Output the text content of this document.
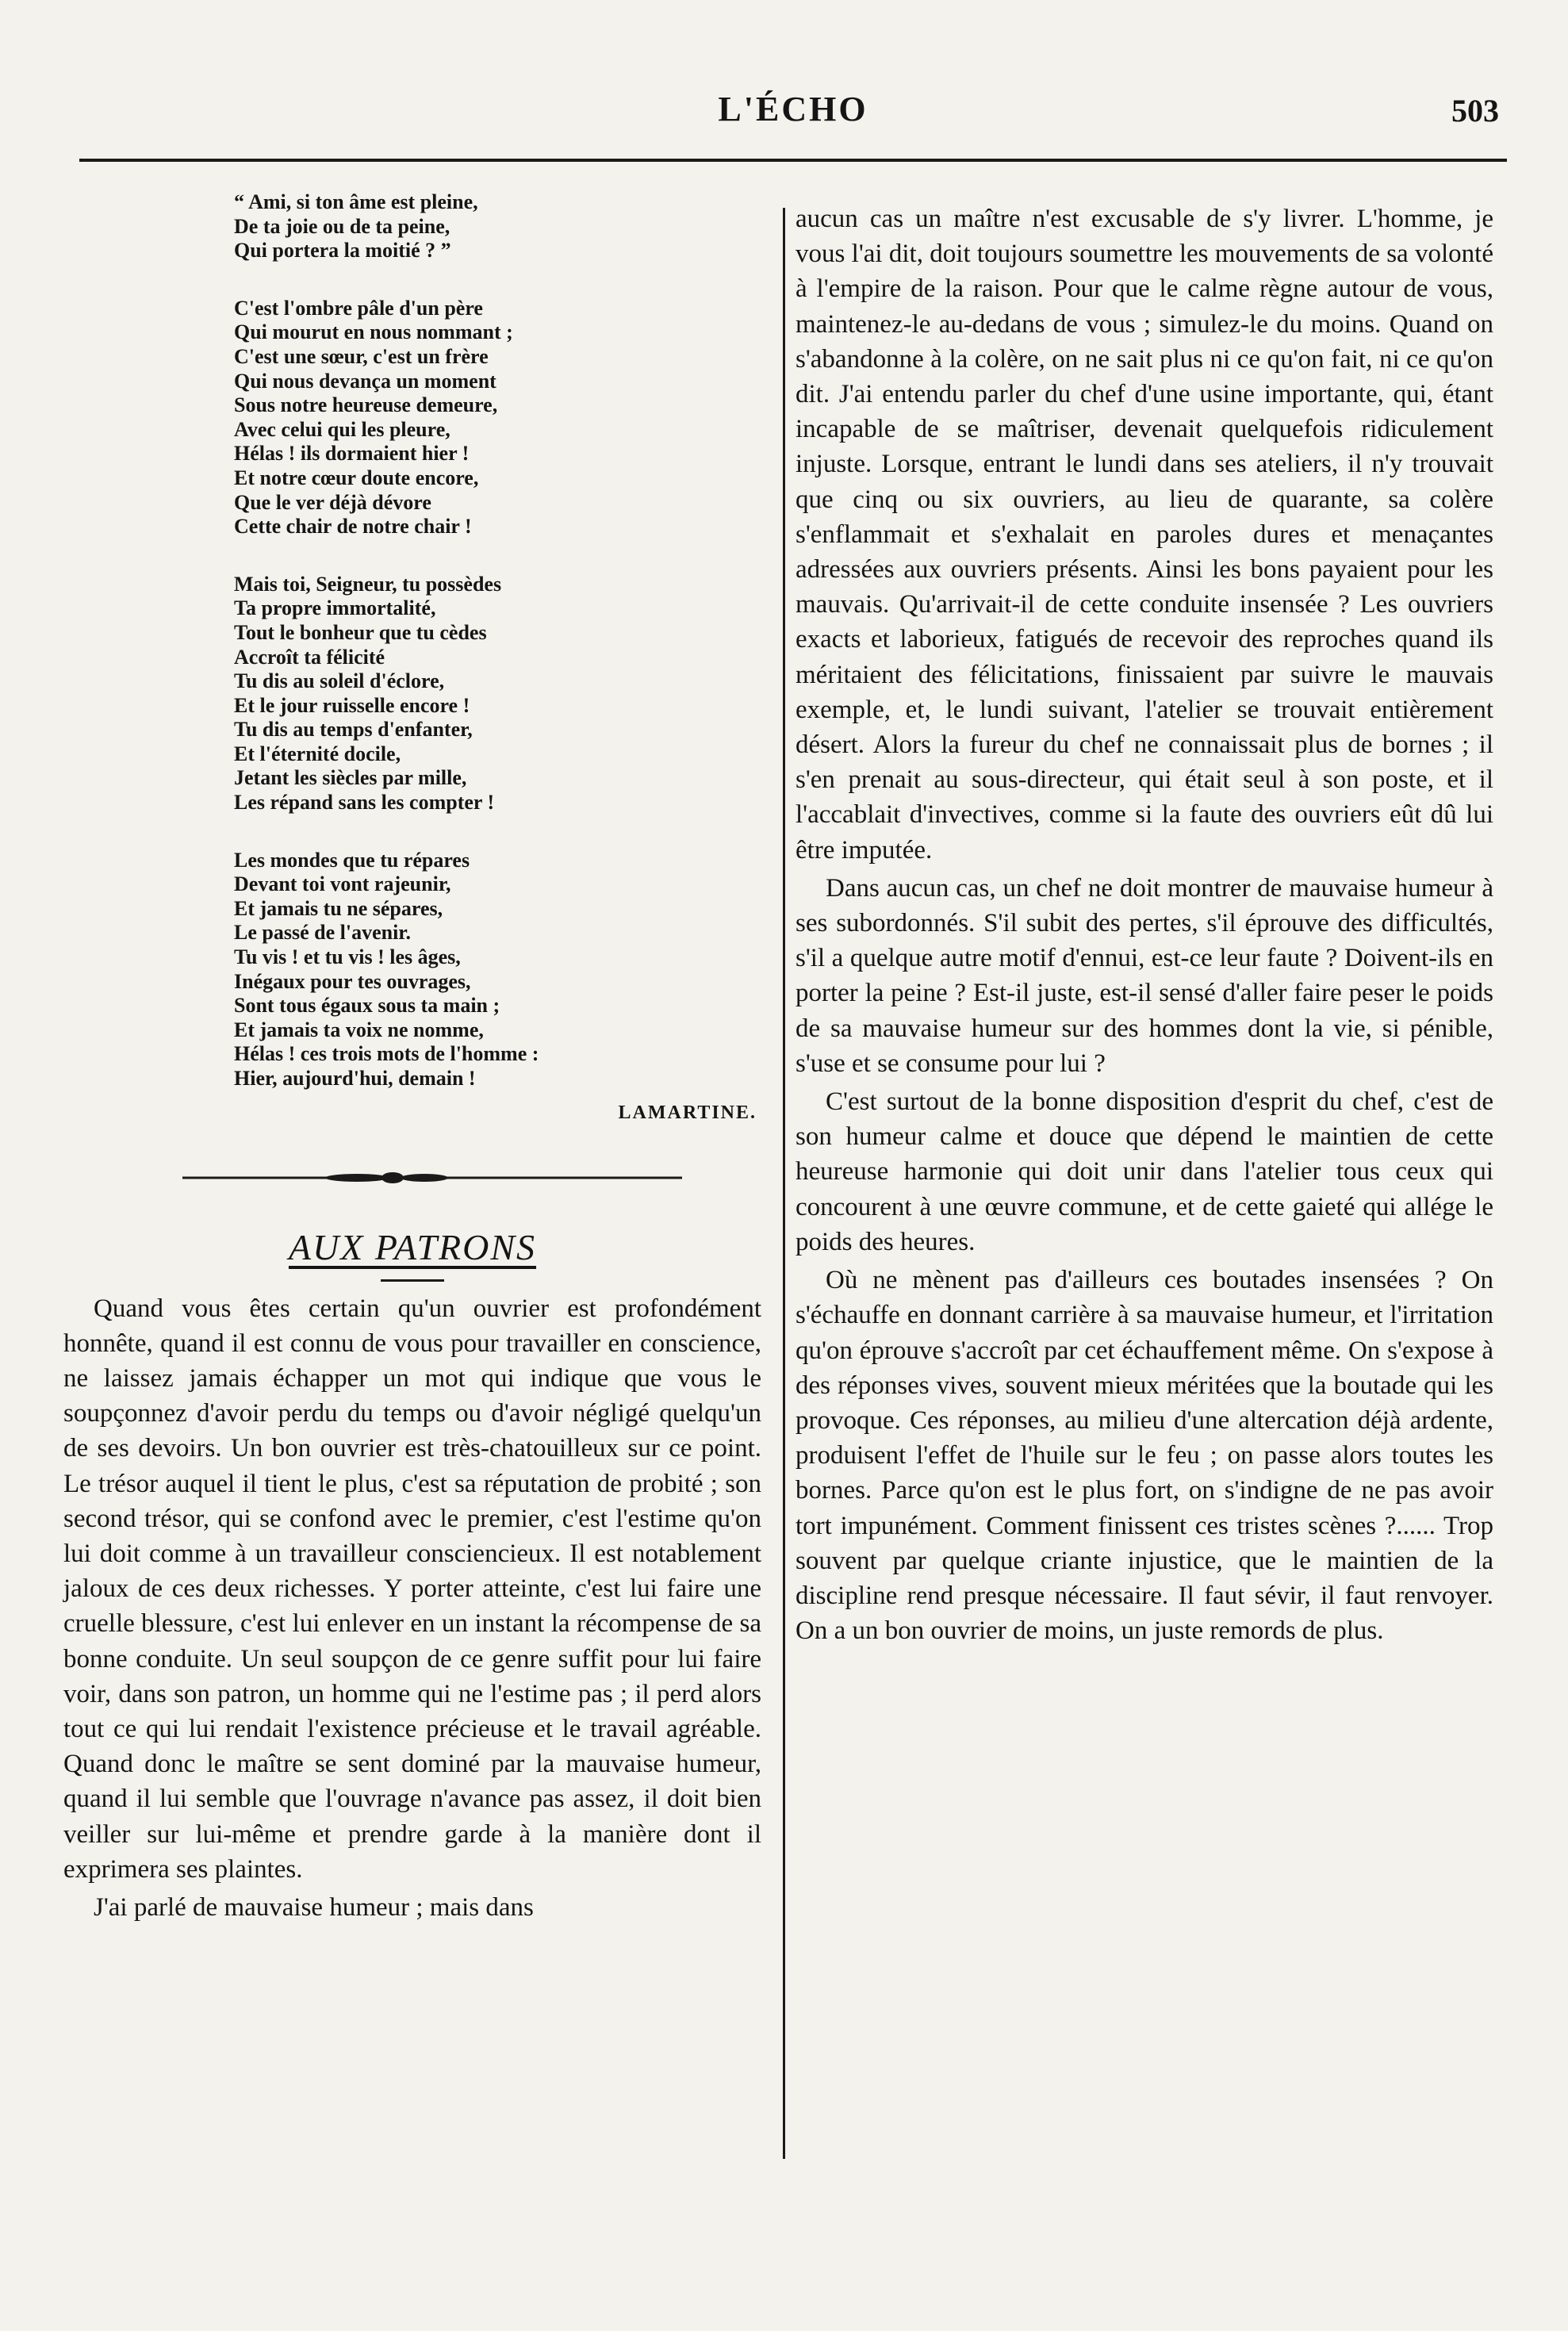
L'ÉCHO	503
“ Ami, si ton âme est pleine,
De ta joie ou de ta peine,
Qui portera la moitié ? ”
C'est l'ombre pâle d'un père
Qui mourut en nous nommant ;
C'est une sœur, c'est un frère
Qui nous devança un moment
Sous notre heureuse demeure,
Avec celui qui les pleure,
Hélas ! ils dormaient hier !
Et notre cœur doute encore,
Que le ver déjà dévore
Cette chair de notre chair !
Mais toi, Seigneur, tu possèdes
Ta propre immortalité,
Tout le bonheur que tu cèdes
Accroît ta félicité
Tu dis au soleil d'éclore,
Et le jour ruisselle encore !
Tu dis au temps d'enfanter,
Et l'éternité docile,
Jetant les siècles par mille,
Les répand sans les compter !
Les mondes que tu répares
Devant toi vont rajeunir,
Et jamais tu ne sépares,
Le passé de l'avenir.
Tu vis ! et tu vis ! les âges,
Inégaux pour tes ouvrages,
Sont tous égaux sous ta main ;
Et jamais ta voix ne nomme,
Hélas ! ces trois mots de l'homme :
Hier, aujourd'hui, demain !
LAMARTINE.
AUX PATRONS

Quand vous êtes certain qu'un ouvrier est profondément honnête, quand il est connu de vous pour travailler en conscience, ne laissez jamais échapper un mot qui indique que vous le soupçonnez d'avoir perdu du temps ou d'avoir négligé quelqu'un de ses devoirs. Un bon ouvrier est très-chatouilleux sur ce point. Le trésor auquel il tient le plus, c'est sa réputation de probité ; son second trésor, qui se confond avec le premier, c'est l'estime qu'on lui doit comme à un travailleur consciencieux. Il est notablement jaloux de ces deux richesses. Y porter atteinte, c'est lui faire une cruelle blessure, c'est lui enlever en un instant la récompense de sa bonne conduite. Un seul soupçon de ce genre suffit pour lui faire voir, dans son patron, un homme qui ne l'estime pas ; il perd alors tout ce qui lui rendait l'existence précieuse et le travail agréable. Quand donc le maître se sent dominé par la mauvaise humeur, quand il lui semble que l'ouvrage n'avance pas assez, il doit bien veiller sur lui-même et prendre garde à la manière dont il exprimera ses plaintes.

J'ai parlé de mauvaise humeur ; mais dans

aucun cas un maître n'est excusable de s'y livrer. L'homme, je vous l'ai dit, doit toujours soumettre les mouvements de sa volonté à l'empire de la raison. Pour que le calme règne autour de vous, maintenez-le au-dedans de vous ; simulez-le du moins. Quand on s'abandonne à la colère, on ne sait plus ni ce qu'on fait, ni ce qu'on dit. J'ai entendu parler du chef d'une usine importante, qui, étant incapable de se maîtriser, devenait quelquefois ridiculement injuste. Lorsque, entrant le lundi dans ses ateliers, il n'y trouvait que cinq ou six ouvriers, au lieu de quarante, sa colère s'enflammait et s'exhalait en paroles dures et menaçantes adressées aux ouvriers présents. Ainsi les bons payaient pour les mauvais. Qu'arrivait-il de cette conduite insensée ? Les ouvriers exacts et laborieux, fatigués de recevoir des reproches quand ils méritaient des félicitations, finissaient par suivre le mauvais exemple, et, le lundi suivant, l'atelier se trouvait entièrement désert. Alors la fureur du chef ne connaissait plus de bornes ; il s'en prenait au sous-directeur, qui était seul à son poste, et il l'accablait d'invectives, comme si la faute des ouvriers eût dû lui être imputée.

Dans aucun cas, un chef ne doit montrer de mauvaise humeur à ses subordonnés. S'il subit des pertes, s'il éprouve des difficultés, s'il a quelque autre motif d'ennui, est-ce leur faute ? Doivent-ils en porter la peine ? Est-il juste, est-il sensé d'aller faire peser le poids de sa mauvaise humeur sur des hommes dont la vie, si pénible, s'use et se consume pour lui ?

C'est surtout de la bonne disposition d'esprit du chef, c'est de son humeur calme et douce que dépend le maintien de cette heureuse harmonie qui doit unir dans l'atelier tous ceux qui concourent à une œuvre commune, et de cette gaieté qui allége le poids des heures.

Où ne mènent pas d'ailleurs ces boutades insensées ? On s'échauffe en donnant carrière à sa mauvaise humeur, et l'irritation qu'on éprouve s'accroît par cet échauffement même. On s'expose à des réponses vives, souvent mieux méritées que la boutade qui les provoque. Ces réponses, au milieu d'une altercation déjà ardente, produisent l'effet de l'huile sur le feu ; on passe alors toutes les bornes. Parce qu'on est le plus fort, on s'indigne de ne pas avoir tort impunément. Comment finissent ces tristes scènes ?...... Trop souvent par quelque criante injustice, que le maintien de la discipline rend presque nécessaire. Il faut sévir, il faut renvoyer. On a un bon ouvrier de moins, un juste remords de plus.
